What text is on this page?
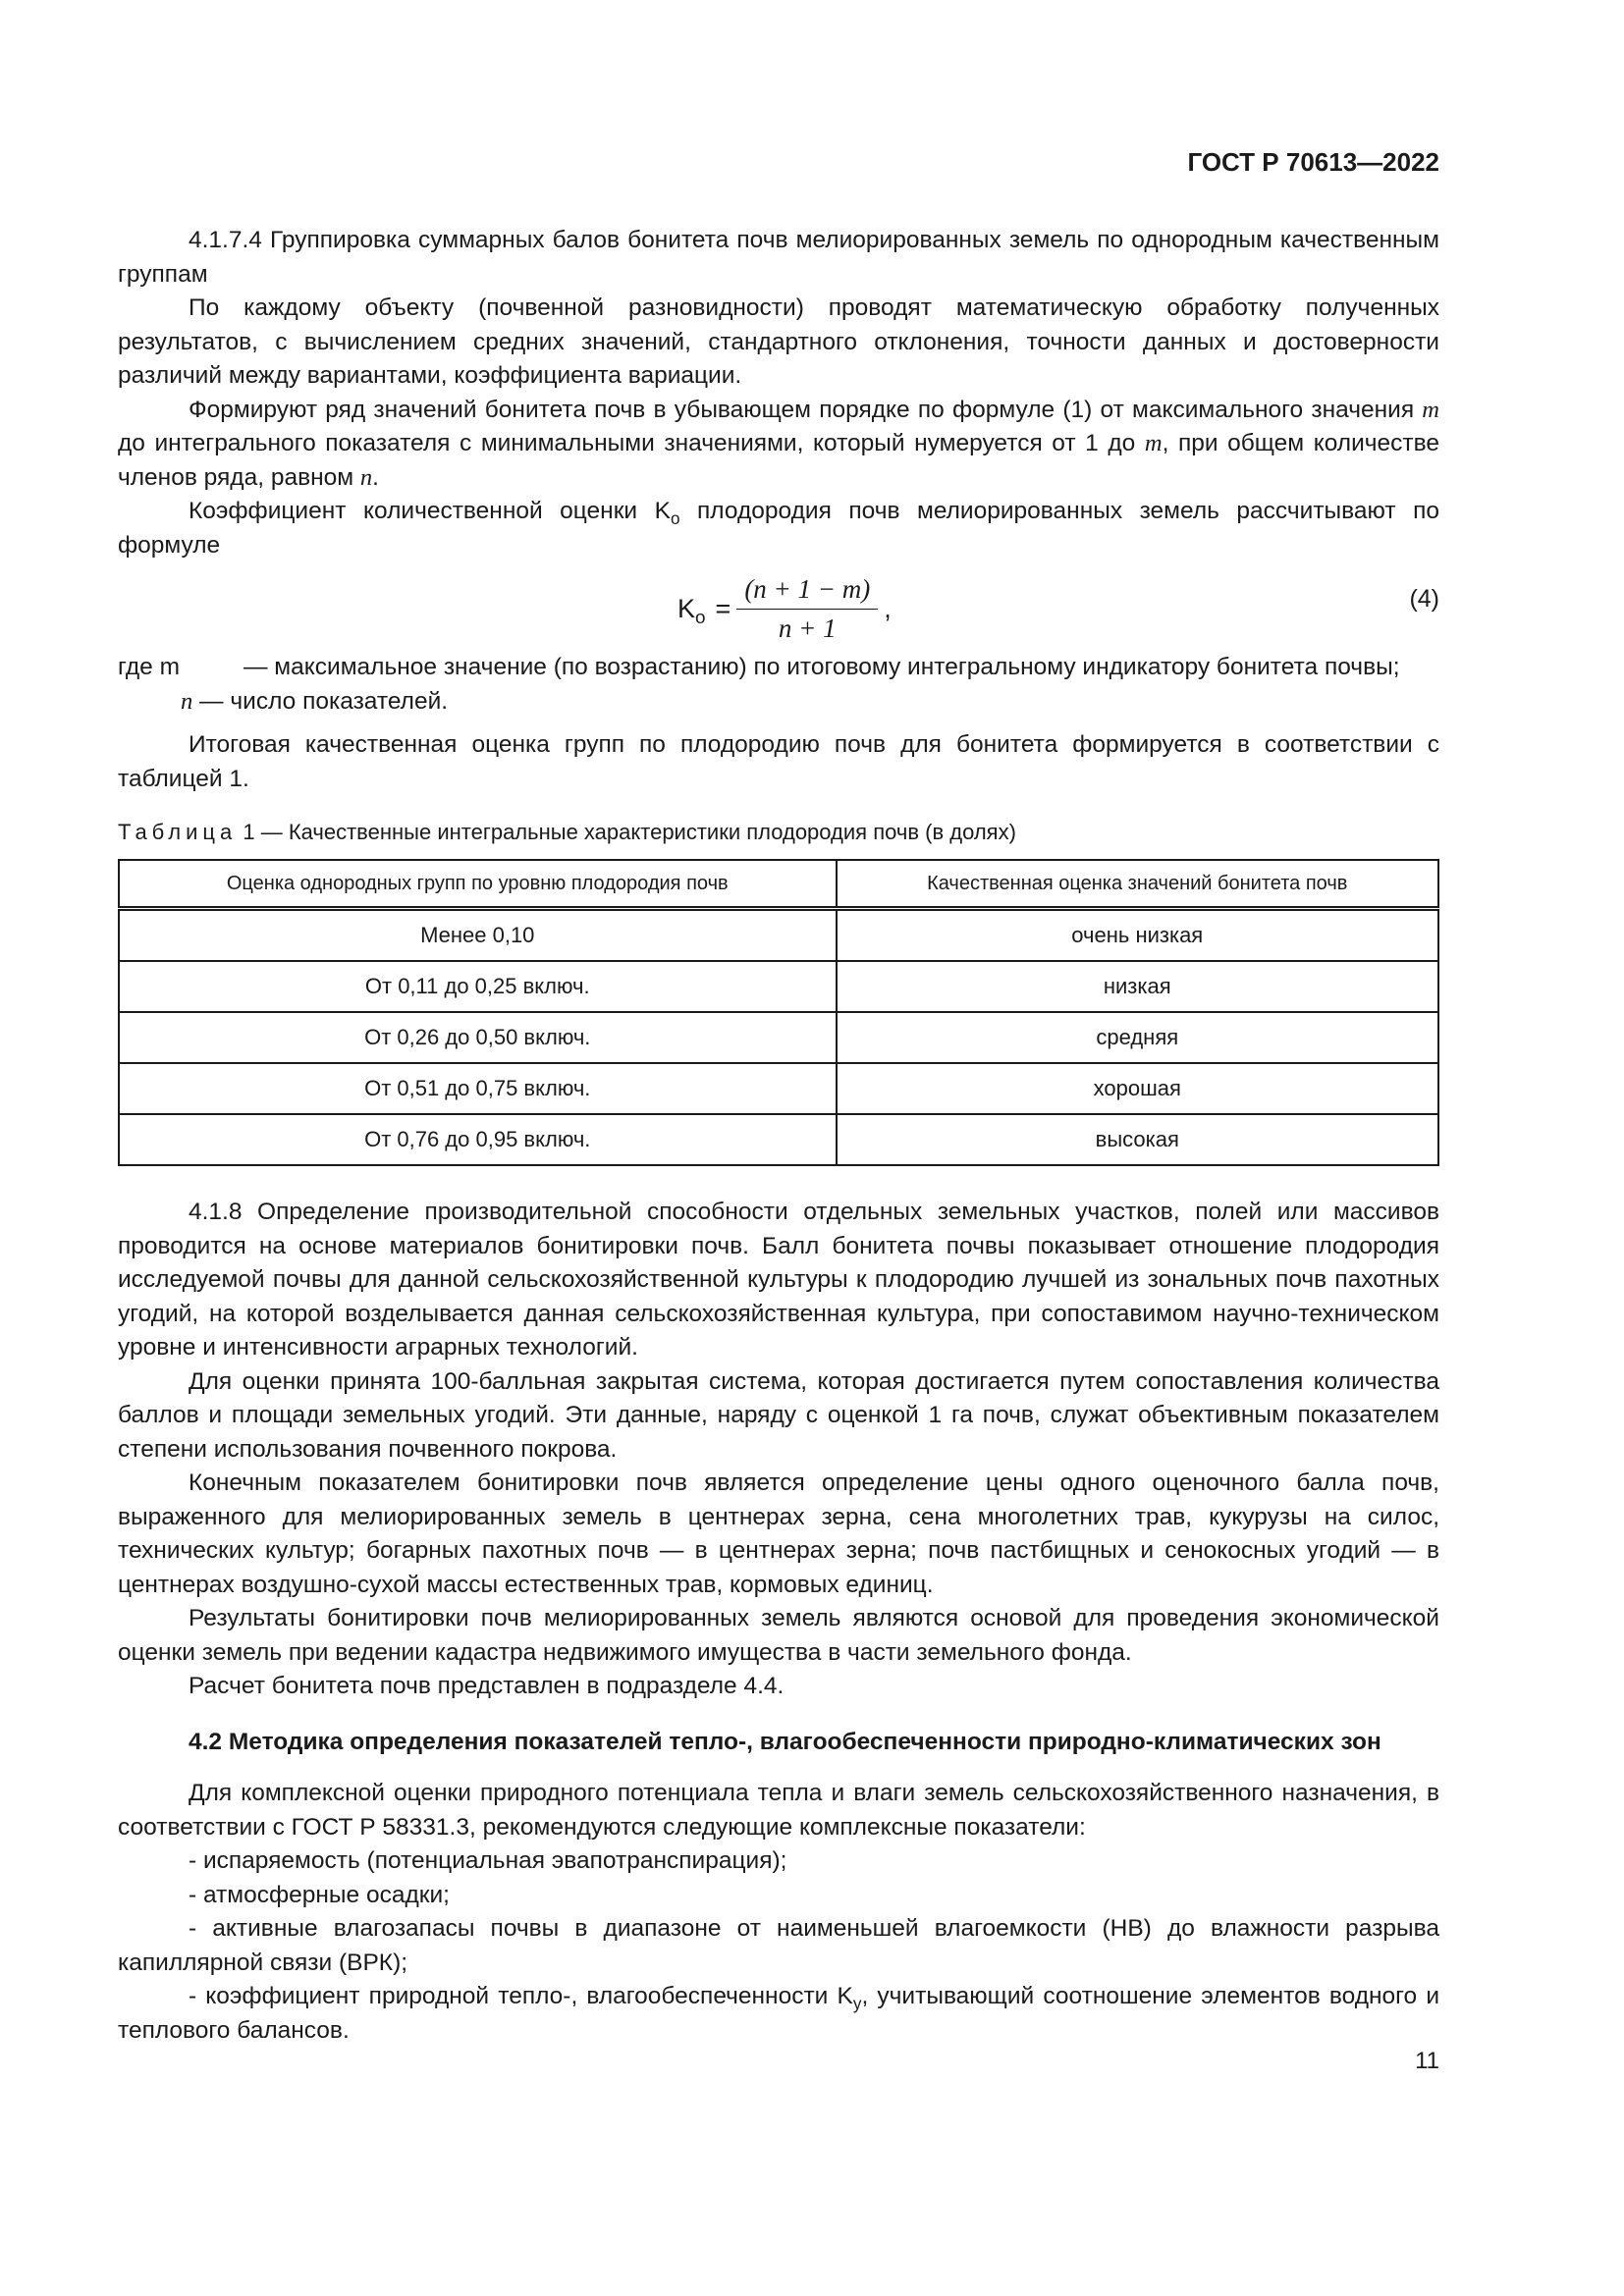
ГОСТ Р 70613—2022

4.1.7.4 Группировка суммарных балов бонитета почв мелиорированных земель по однородным качественным группам

По каждому объекту (почвенной разновидности) проводят математическую обработку полученных результатов, с вычислением средних значений, стандартного отклонения, точности данных и достоверности различий между вариантами, коэффициента вариации.

Формируют ряд значений бонитета почв в убывающем порядке по формуле (1) от максимального значения m до интегрального показателя с минимальными значениями, который нумеруется от 1 до m, при общем количестве членов ряда, равном n.

Коэффициент количественной оценки $K_о$ плодородия почв мелиорированных земель рассчитывают по формуле

$K_о = \frac{(n + 1 - m)}{n + 1}$ ,	(4)
где m	— максимальное значение (по возрастанию) по итоговому интегральному индикатору бонитета почвы;
n — число показателей.

Итоговая качественная оценка групп по плодородию почв для бонитета формируется в соответствии с таблицей 1.

Таблица 1 — Качественные интегральные характеристики плодородия почв (в долях)
Оценка однородных групп по уровню плодородия почв	Качественная оценка значений бонитета почв
Менее 0,10	очень низкая
От 0,11 до 0,25 включ.	низкая
От 0,26 до 0,50 включ.	средняя
От 0,51 до 0,75 включ.	хорошая
От 0,76 до 0,95 включ.	высокая

4.1.8 Определение производительной способности отдельных земельных участков, полей или массивов проводится на основе материалов бонитировки почв. Балл бонитета почвы показывает отношение плодородия исследуемой почвы для данной сельскохозяйственной культуры к плодородию лучшей из зональных почв пахотных угодий, на которой возделывается данная сельскохозяйственная культура, при сопоставимом научно-техническом уровне и интенсивности аграрных технологий.

Для оценки принята 100-балльная закрытая система, которая достигается путем сопоставления количества баллов и площади земельных угодий. Эти данные, наряду с оценкой 1 га почв, служат объективным показателем степени использования почвенного покрова.

Конечным показателем бонитировки почв является определение цены одного оценочного балла почв, выраженного для мелиорированных земель в центнерах зерна, сена многолетних трав, кукурузы на силос, технических культур; богарных пахотных почв — в центнерах зерна; почв пастбищных и сенокосных угодий — в центнерах воздушно-сухой массы естественных трав, кормовых единиц.

Результаты бонитировки почв мелиорированных земель являются основой для проведения экономической оценки земель при ведении кадастра недвижимого имущества в части земельного фонда.

Расчет бонитета почв представлен в подразделе 4.4.

4.2 Методика определения показателей тепло-, влагообеспеченности природно-климатических зон

Для комплексной оценки природного потенциала тепла и влаги земель сельскохозяйственного назначения, в соответствии с ГОСТ Р 58331.3, рекомендуются следующие комплексные показатели:

- испаряемость (потенциальная эвапотранспирация);

- атмосферные осадки;

- активные влагозапасы почвы в диапазоне от наименьшей влагоемкости (НВ) до влажности разрыва капиллярной связи (ВРК);

- коэффициент природной тепло-, влагообеспеченности $K_у$, учитывающий соотношение элементов водного и теплового балансов.

11
